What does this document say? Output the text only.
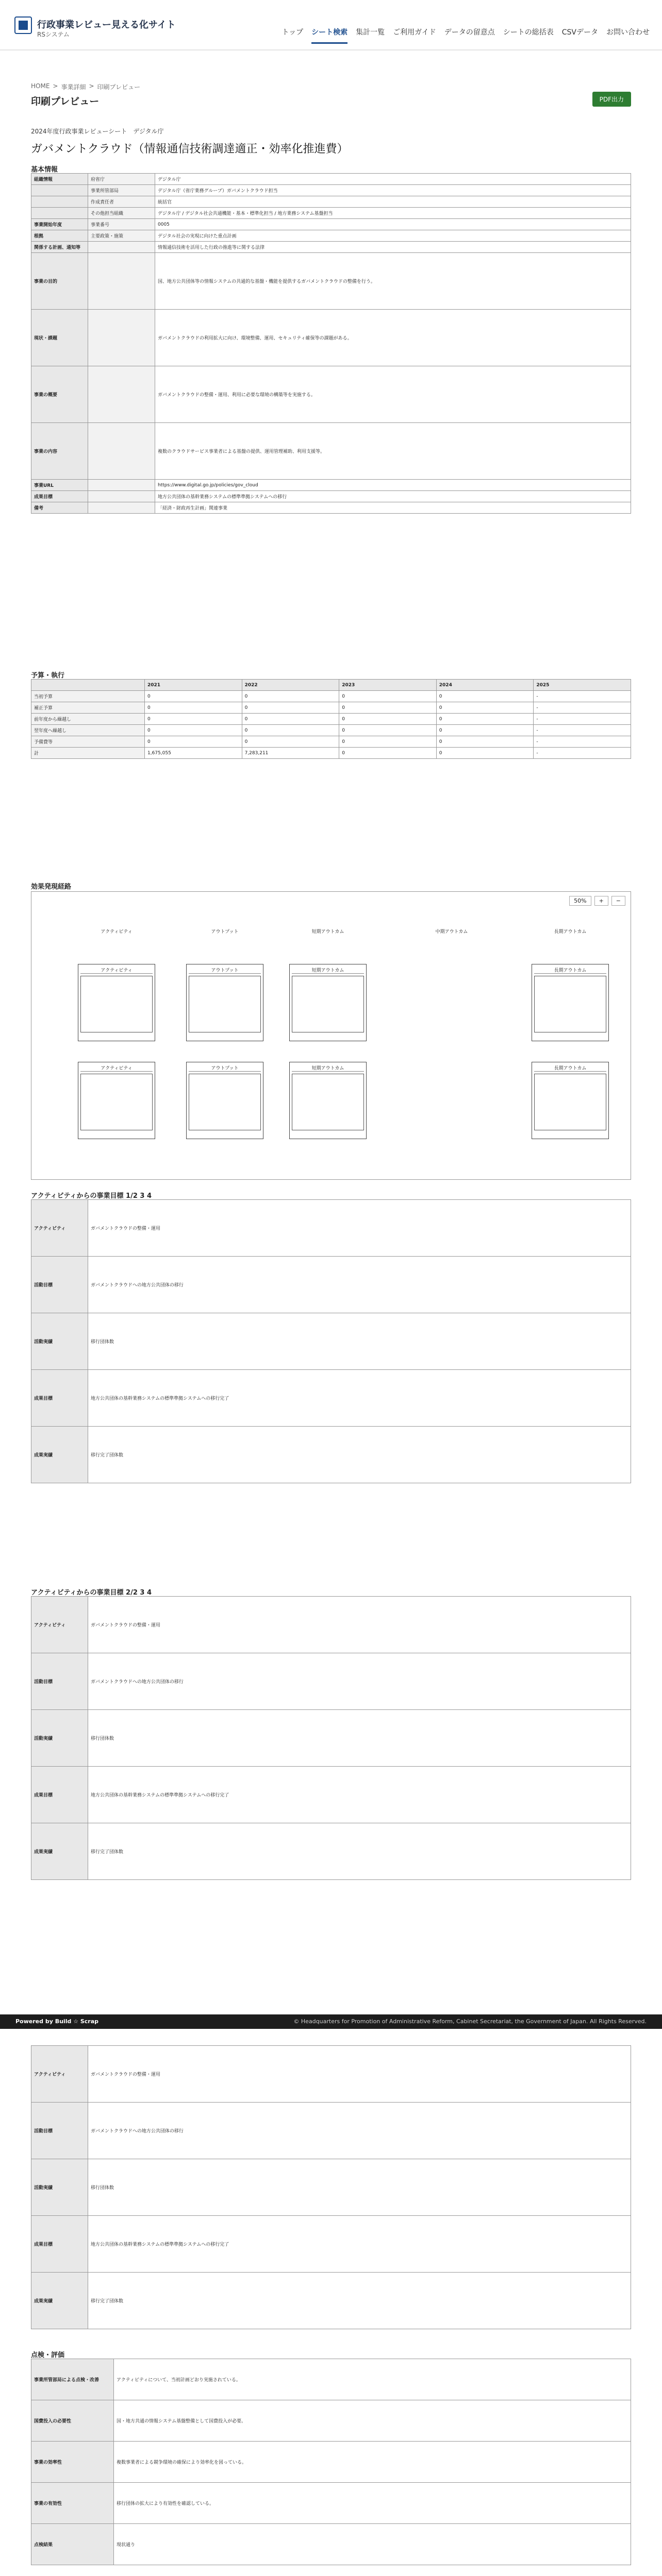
行政事業レビュー見える化サイト
RSシステム	トップ シート検索 集計一覧 ご利用ガイド データの留意点 シートの総括表 CSVデータ お問い合わせ
HOME > 事業詳細 > 印刷プレビュー
印刷プレビュー	PDF出力
2024年度行政事業レビューシート　デジタル庁
ガバメントクラウド（情報通信技術調達適正・効率化推進費）
基本情報
組織情報	府省庁	デジタル庁
	事業所管部局	デジタル庁（省庁業務グループ）ガバメントクラウド担当
	作成責任者	統括官
	その他担当組織	デジタル庁 / デジタル社会共通機能・基本・標準化担当 / 地方業務システム基盤担当
事業開始年度	事業番号	0005
根拠	主要政策・施策	デジタル社会の実現に向けた重点計画
関係する計画、通知等		情報通信技術を活用した行政の推進等に関する法律
事業の目的		国、地方公共団体等の情報システムの共通的な基盤・機能を提供するガバメントクラウドの整備を行う。
現状・課題		ガバメントクラウドの利用拡大に向け、環境整備、運用、セキュリティ確保等の課題がある。
事業の概要		ガバメントクラウドの整備・運用、利用に必要な環境の構築等を実施する。
事業の内容		複数のクラウドサービス事業者による基盤の提供、運用管理補助、利用支援等。
事業URL		https://www.digital.go.jp/policies/gov_cloud
成果目標		地方公共団体の基幹業務システムの標準準拠システムへの移行
備考		「経済・財政再生計画」関連事業
予算・執行
	2021	2022	2023	2024	2025
当初予算	0	0	0	0	-
補正予算	0	0	0	0	-
前年度から繰越し	0	0	0	0	-
翌年度へ繰越し	0	0	0	0	-
予備費等	0	0	0	0	-
計	1,675,055	7,283,211	0	0	-
効果発現経路
50%	+	−
アクティビティ	アウトプット	短期アウトカム	中期アウトカム	長期アウトカム
アクティビティ	アウトプット	短期アウトカム	長期アウトカム
アクティビティ	アウトプット	短期アウトカム	長期アウトカム
アクティビティからの事業目標 1/2 3 4
アクティビティ	ガバメントクラウドの整備・運用
活動目標	ガバメントクラウドへの地方公共団体の移行
活動実績	移行団体数
成果目標	地方公共団体の基幹業務システムの標準準拠システムへの移行完了
成果実績	移行完了団体数
アクティビティからの事業目標 2/2 3 4
アクティビティ	ガバメントクラウドの整備・運用
活動目標	ガバメントクラウドへの地方公共団体の移行
活動実績	移行団体数
成果目標	地方公共団体の基幹業務システムの標準準拠システムへの移行完了
成果実績	移行完了団体数
Powered by Build ☆ Scrap	© Headquarters for Promotion of Administrative Reform, Cabinet Secretariat, the Government of Japan. All Rights Reserved.
アクティビティ	ガバメントクラウドの整備・運用
活動目標	ガバメントクラウドへの地方公共団体の移行
活動実績	移行団体数
成果目標	地方公共団体の基幹業務システムの標準準拠システムへの移行完了
成果実績	移行完了団体数
点検・評価
事業所管部局による点検・改善	アクティビティについて、当初計画どおり実施されている。
国費投入の必要性	国・地方共通の情報システム基盤整備として国費投入が必要。
事業の効率性	複数事業者による競争環境の確保により効率化を図っている。
事業の有効性	移行団体の拡大により有効性を確認している。
点検結果	現状通り
